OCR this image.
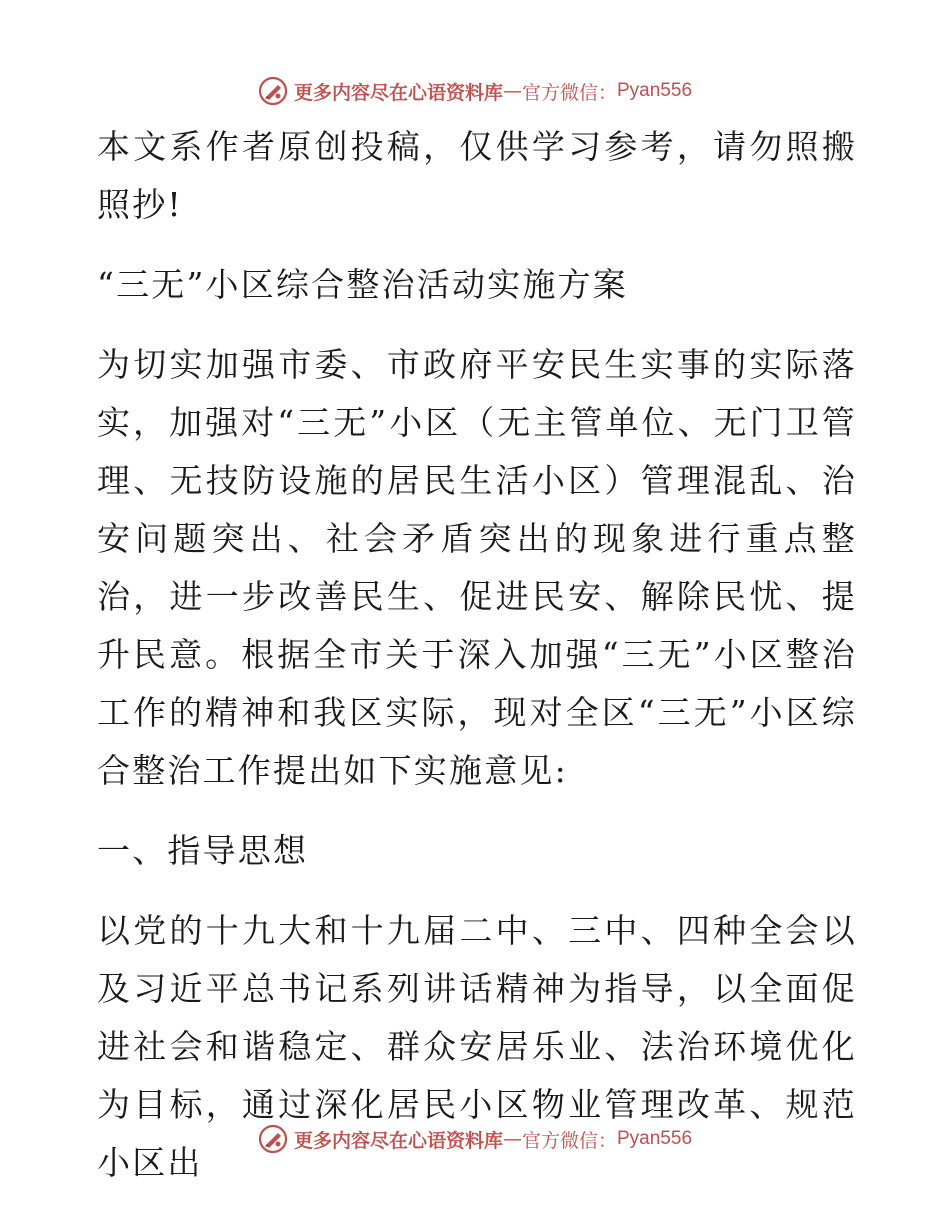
更多内容尽在心语资料库 — 官方微信： Pyan556

本文系作者原创投稿，仅供学习参考，请勿照搬照抄!

“三无”小区综合整治活动实施方案

为切实加强市委、市政府平安民生实事的实际落实，加强对“三无”小区（无主管单位、无门卫管理、无技防设施的居民生活小区）管理混乱、治安问题突出、社会矛盾突出的现象进行重点整治，进一步改善民生、促进民安、解除民忧、提升民意。根据全市关于深入加强“三无”小区整治工作的精神和我区实际，现对全区“三无”小区综合整治工作提出如下实施意见:

一、指导思想

以党的十九大和十九届二中、三中、四种全会以及习近平总书记系列讲话精神为指导，以全面促进社会和谐稳定、群众安居乐业、法治环境优化为目标，通过深化居民小区物业管理改革、规范小区出

更多内容尽在心语资料库 — 官方微信： Pyan556
